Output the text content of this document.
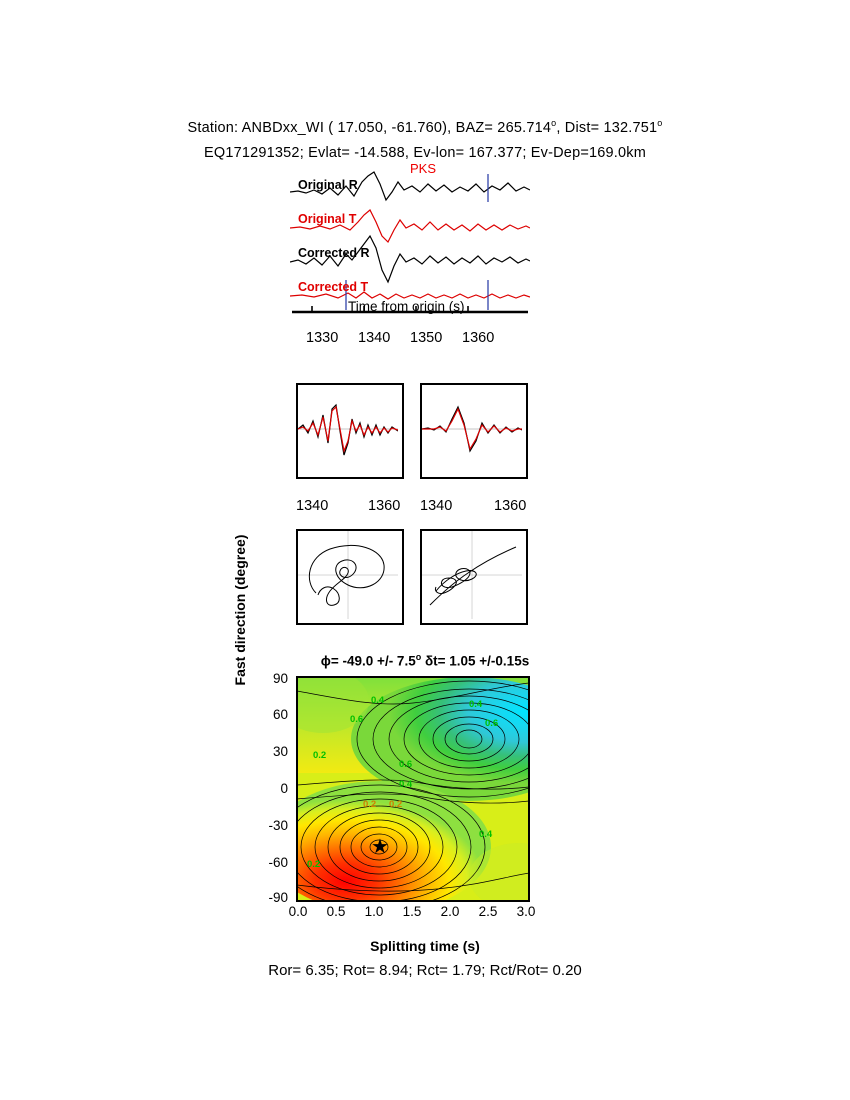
Station: ANBDxx_WI ( 17.050, -61.760), $BAZ= 265.714^o$, Dist= $132.751^o$
EQ171291352; Evlat= -14.588, Ev-lon= 167.377; Ev-Dep=169.0km
Original R
Original T
Corrected R
Corrected T
PKS
Time from origin (s)
1330 1340 1350 1360
1340	1360 1340	1360
ϕ= -49.0 +/- 7.5$^o$ δt= 1.05 +/-0.15s
Fast direction (degree)	90
60
30
0
-30
-60
-90
★
0.4
0.6
0.4
0.6
0.2
0.6
0.4
0.2 0.2
0.4
0.2
0.0	0.5	1.0	1.5	2.0	2.5	3.0
Splitting time (s)
Ror= 6.35; Rot= 8.94; Rct= 1.79; Rct/Rot= 0.20
